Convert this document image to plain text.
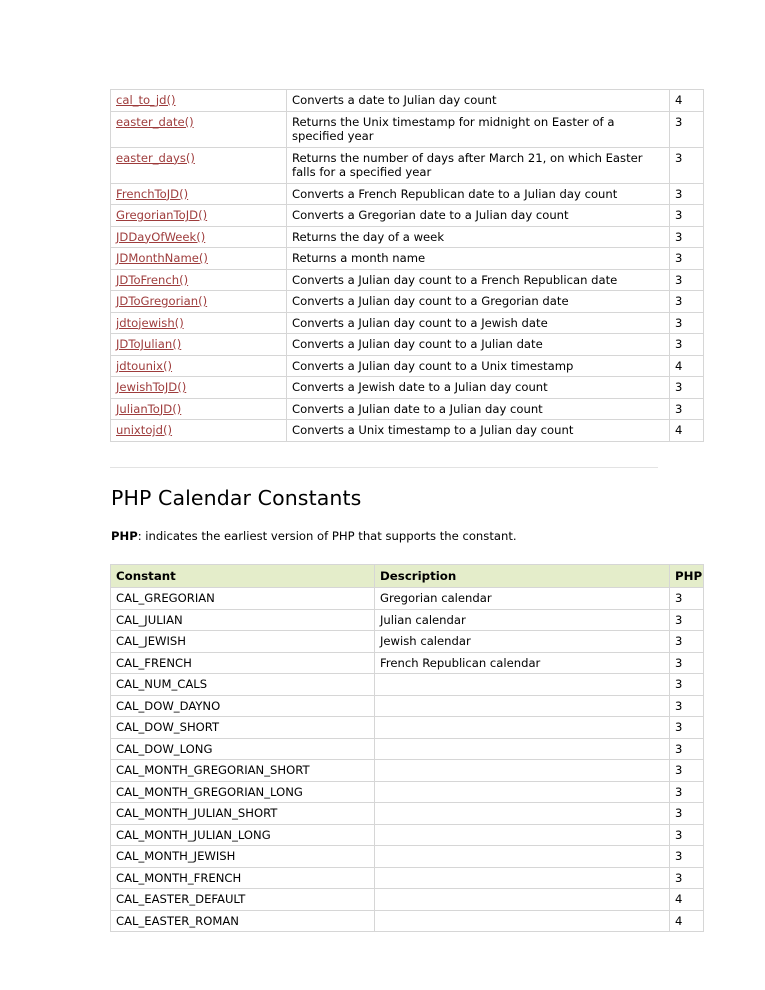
cal_to_jd()	Converts a date to Julian day count	4
easter_date()	Returns the Unix timestamp for midnight on Easter of a specified year	3
easter_days()	Returns the number of days after March 21, on which Easter falls for a specified year	3
FrenchToJD()	Converts a French Republican date to a Julian day count	3
GregorianToJD()	Converts a Gregorian date to a Julian day count	3
JDDayOfWeek()	Returns the day of a week	3
JDMonthName()	Returns a month name	3
JDToFrench()	Converts a Julian day count to a French Republican date	3
JDToGregorian()	Converts a Julian day count to a Gregorian date	3
jdtojewish()	Converts a Julian day count to a Jewish date	3
JDToJulian()	Converts a Julian day count to a Julian date	3
jdtounix()	Converts a Julian day count to a Unix timestamp	4
JewishToJD()	Converts a Jewish date to a Julian day count	3
JulianToJD()	Converts a Julian date to a Julian day count	3
unixtojd()	Converts a Unix timestamp to a Julian day count	4
PHP Calendar Constants

PHP: indicates the earliest version of PHP that supports the constant.

Constant	Description	PHP
CAL_GREGORIAN	Gregorian calendar	3
CAL_JULIAN	Julian calendar	3
CAL_JEWISH	Jewish calendar	3
CAL_FRENCH	French Republican calendar	3
CAL_NUM_CALS		3
CAL_DOW_DAYNO		3
CAL_DOW_SHORT		3
CAL_DOW_LONG		3
CAL_MONTH_GREGORIAN_SHORT		3
CAL_MONTH_GREGORIAN_LONG		3
CAL_MONTH_JULIAN_SHORT		3
CAL_MONTH_JULIAN_LONG		3
CAL_MONTH_JEWISH		3
CAL_MONTH_FRENCH		3
CAL_EASTER_DEFAULT		4
CAL_EASTER_ROMAN		4
